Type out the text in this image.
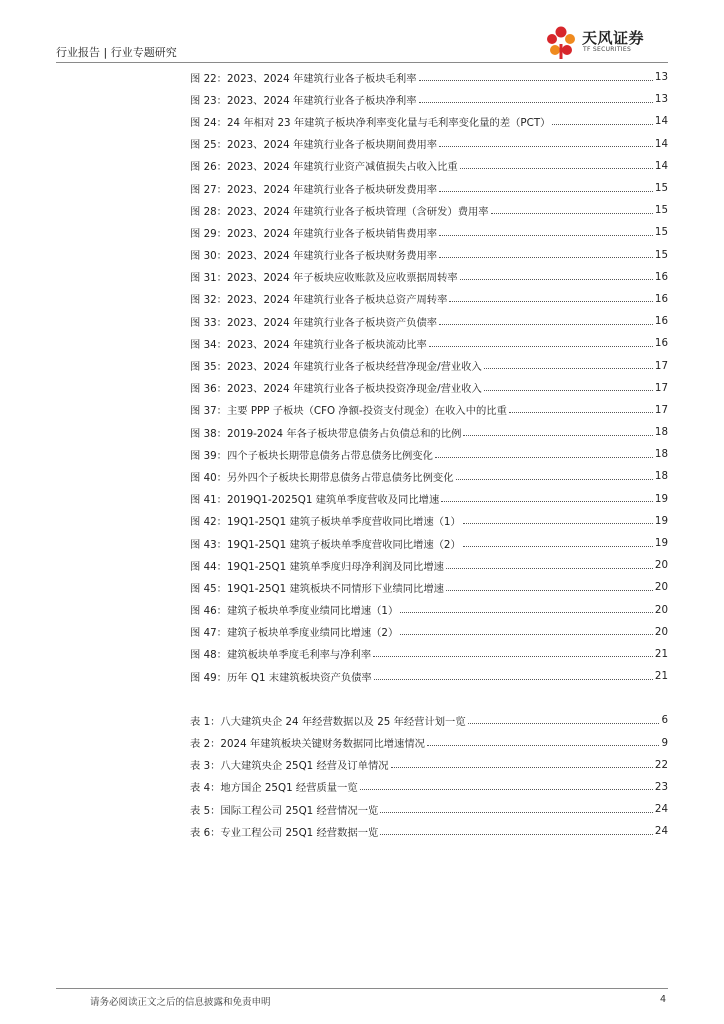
行业报告 | 行业专题研究
天风证券
TF SECURITIES
图 22：2023、2024 年建筑行业各子板块毛利率	13
图 23：2023、2024 年建筑行业各子板块净利率	13
图 24：24 年相对 23 年建筑子板块净利率变化量与毛利率变化量的差（PCT）	14
图 25：2023、2024 年建筑行业各子板块期间费用率	14
图 26：2023、2024 年建筑行业资产减值损失占收入比重	14
图 27：2023、2024 年建筑行业各子板块研发费用率	15
图 28：2023、2024 年建筑行业各子板块管理（含研发）费用率	15
图 29：2023、2024 年建筑行业各子板块销售费用率	15
图 30：2023、2024 年建筑行业各子板块财务费用率	15
图 31：2023、2024 年子板块应收账款及应收票据周转率	16
图 32：2023、2024 年建筑行业各子板块总资产周转率	16
图 33：2023、2024 年建筑行业各子板块资产负债率	16
图 34：2023、2024 年建筑行业各子板块流动比率	16
图 35：2023、2024 年建筑行业各子板块经营净现金/营业收入	17
图 36：2023、2024 年建筑行业各子板块投资净现金/营业收入	17
图 37：主要 PPP 子板块（CFO 净额-投资支付现金）在收入中的比重	17
图 38：2019-2024 年各子板块带息债务占负债总和的比例	18
图 39：四个子板块长期带息债务占带息债务比例变化	18
图 40：另外四个子板块长期带息债务占带息债务比例变化	18
图 41：2019Q1-2025Q1 建筑单季度营收及同比增速	19
图 42：19Q1-25Q1 建筑子板块单季度营收同比增速（1）	19
图 43：19Q1-25Q1 建筑子板块单季度营收同比增速（2）	19
图 44：19Q1-25Q1 建筑单季度归母净利润及同比增速	20
图 45：19Q1-25Q1 建筑板块不同情形下业绩同比增速	20
图 46：建筑子板块单季度业绩同比增速（1）	20
图 47：建筑子板块单季度业绩同比增速（2）	20
图 48：建筑板块单季度毛利率与净利率	21
图 49：历年 Q1 末建筑板块资产负债率	21
表 1：八大建筑央企 24 年经营数据以及 25 年经营计划一览	6
表 2：2024 年建筑板块关键财务数据同比增速情况	9
表 3：八大建筑央企 25Q1 经营及订单情况	22
表 4：地方国企 25Q1 经营质量一览	23
表 5：国际工程公司 25Q1 经营情况一览	24
表 6：专业工程公司 25Q1 经营数据一览	24
请务必阅读正文之后的信息披露和免责申明	4
